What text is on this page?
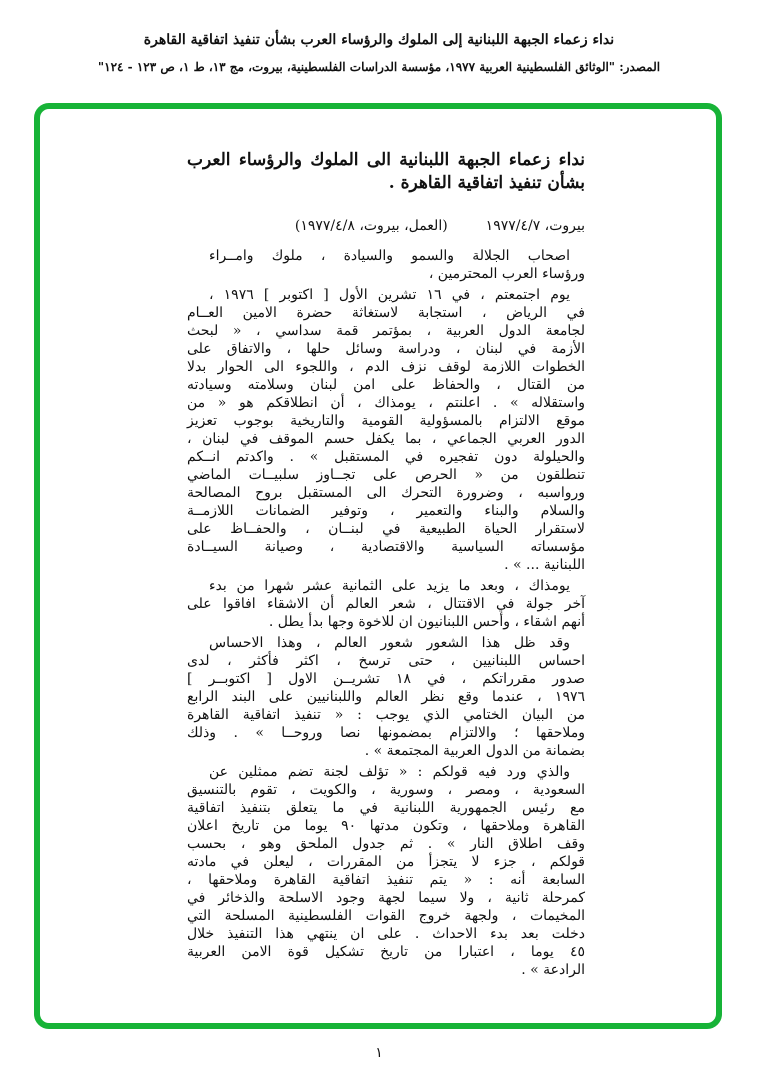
نداء زعماء الجبهة اللبنانية إلى الملوك والرؤساء العرب بشأن تنفيذ اتفاقية القاهرة
المصدر: "الوثائق الفلسطينية العربية ١٩٧٧، مؤسسة الدراسات الفلسطينية، بيروت، مج ١٣، ط ١، ص ١٢٣ - ١٢٤"
نداء زعماء الجبهة اللبنانية الى الملوك والرؤساء العرب
بشأن تنفيذ اتفاقية القاهرة .
بيروت، ١٩٧٧/٤/٧
(العمل، بيروت، ١٩٧٧/٤/٨)
اصحاب الجلالة والسمو والسيادة ، ملوك وامــراء
ورؤساء العرب المحترمين ،
يوم اجتمعتم ، في ١٦ تشرين الأول [ اكتوبر ] ١٩٧٦ ،
في الرياض ، استجابة لاستغاثة حضرة الامين العــام
لجامعة الدول العربية ، بمؤتمر قمة سداسي ، « لبحث
الأزمة في لبنان ، ودراسة وسائل حلها ، والاتفاق على
الخطوات اللازمة لوقف نزف الدم ، واللجوء الى الحوار بدلا
من القتال ، والحفاظ على امن لبنان وسلامته وسيادته
واستقلاله » . اعلنتم ، يومذاك ، أن انطلاقكم هو « من
موقع الالتزام بالمسؤولية القومية والتاريخية بوجوب تعزيز
الدور العربي الجماعي ، بما يكفل حسم الموقف في لبنان ،
والحيلولة دون تفجيره في المستقبل » . واكدتم انــكم
تنطلقون من « الحرص على تجــاوز سلبيــات الماضي
ورواسبه ، وضرورة التحرك الى المستقبل بروح المصالحة
والسلام والبناء والتعمير ، وتوفير الضمانات اللازمــة
لاستقرار الحياة الطبيعية في لبنــان ، والحفــاظ على
مؤسساته السياسية والاقتصادية ، وصيانة السيــادة
اللبنانية ... » .
يومذاك ، وبعد ما يزيد على الثمانية عشر شهرا من بدء
آخر جولة في الاقتتال ، شعر العالم أن الاشقاء افاقوا على
أنهم اشقاء ، وأحس اللبنانيون ان للاخوة وجها بدأ يطل .
وقد ظل هذا الشعور شعور العالم ، وهذا الاحساس
احساس اللبنانيين ، حتى ترسخ ، اكثر فأكثر ، لدى
صدور مقرراتكم ، في ١٨ تشريــن الاول [ اكتوبــر ]
١٩٧٦ ، عندما وقع نظر العالم واللبنانيين على البند الرابع
من البيان الختامي الذي يوجب : « تنفيذ اتفاقية القاهرة
وملاحقها ؛ والالتزام بمضمونها نصا وروحــا » . وذلك
بضمانة من الدول العربية المجتمعة » .
والذي ورد فيه قولكم : « تؤلف لجنة تضم ممثلين عن
السعودية ، ومصر ، وسورية ، والكويت ، تقوم بالتنسيق
مع رئيس الجمهورية اللبنانية في ما يتعلق بتنفيذ اتفاقية
القاهرة وملاحقها ، وتكون مدتها ٩٠ يوما من تاريخ اعلان
وقف اطلاق النار » . ثم جدول الملحق وهو ، بحسب
قولكم ، جزء لا يتجزأ من المقررات ، ليعلن في مادته
السابعة أنه : « يتم تنفيذ اتفاقية القاهرة وملاحقها ،
كمرحلة ثانية ، ولا سيما لجهة وجود الاسلحة والذخائر في
المخيمات ، ولجهة خروج القوات الفلسطينية المسلحة التي
دخلت بعد بدء الاحداث . على ان ينتهي هذا التنفيذ خلال
٤٥ يوما ، اعتبارا من تاريخ تشكيل قوة الامن العربية
الرادعة » .
١
